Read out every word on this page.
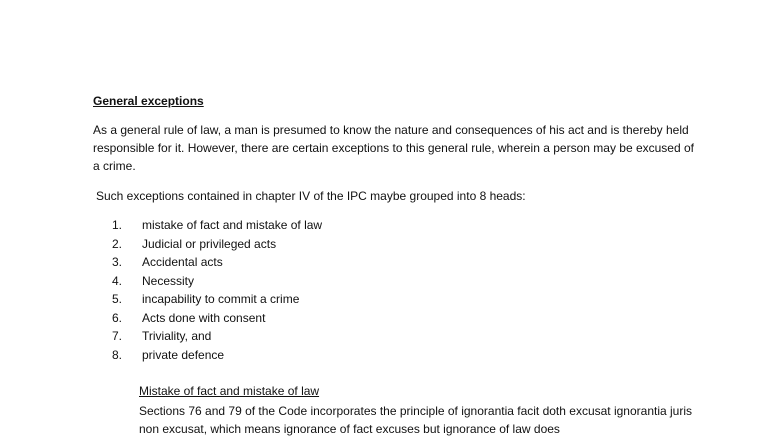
General exceptions

As a general rule of law, a man is presumed to know the nature and consequences of his act and is thereby held responsible for it. However, there are certain exceptions to this general rule, wherein a person may be excused of a crime.

Such exceptions contained in chapter IV of the IPC maybe grouped into 8 heads:

1. mistake of fact and mistake of law
2. Judicial or privileged acts
3. Accidental acts
4. Necessity
5. incapability to commit a crime
6. Acts done with consent
7. Triviality, and
8. private defence
Mistake of fact and mistake of law

Sections 76 and 79 of the Code incorporates the principle of ignorantia facit doth excusat ignorantia juris non excusat, which means ignorance of fact excuses but ignorance of law does
